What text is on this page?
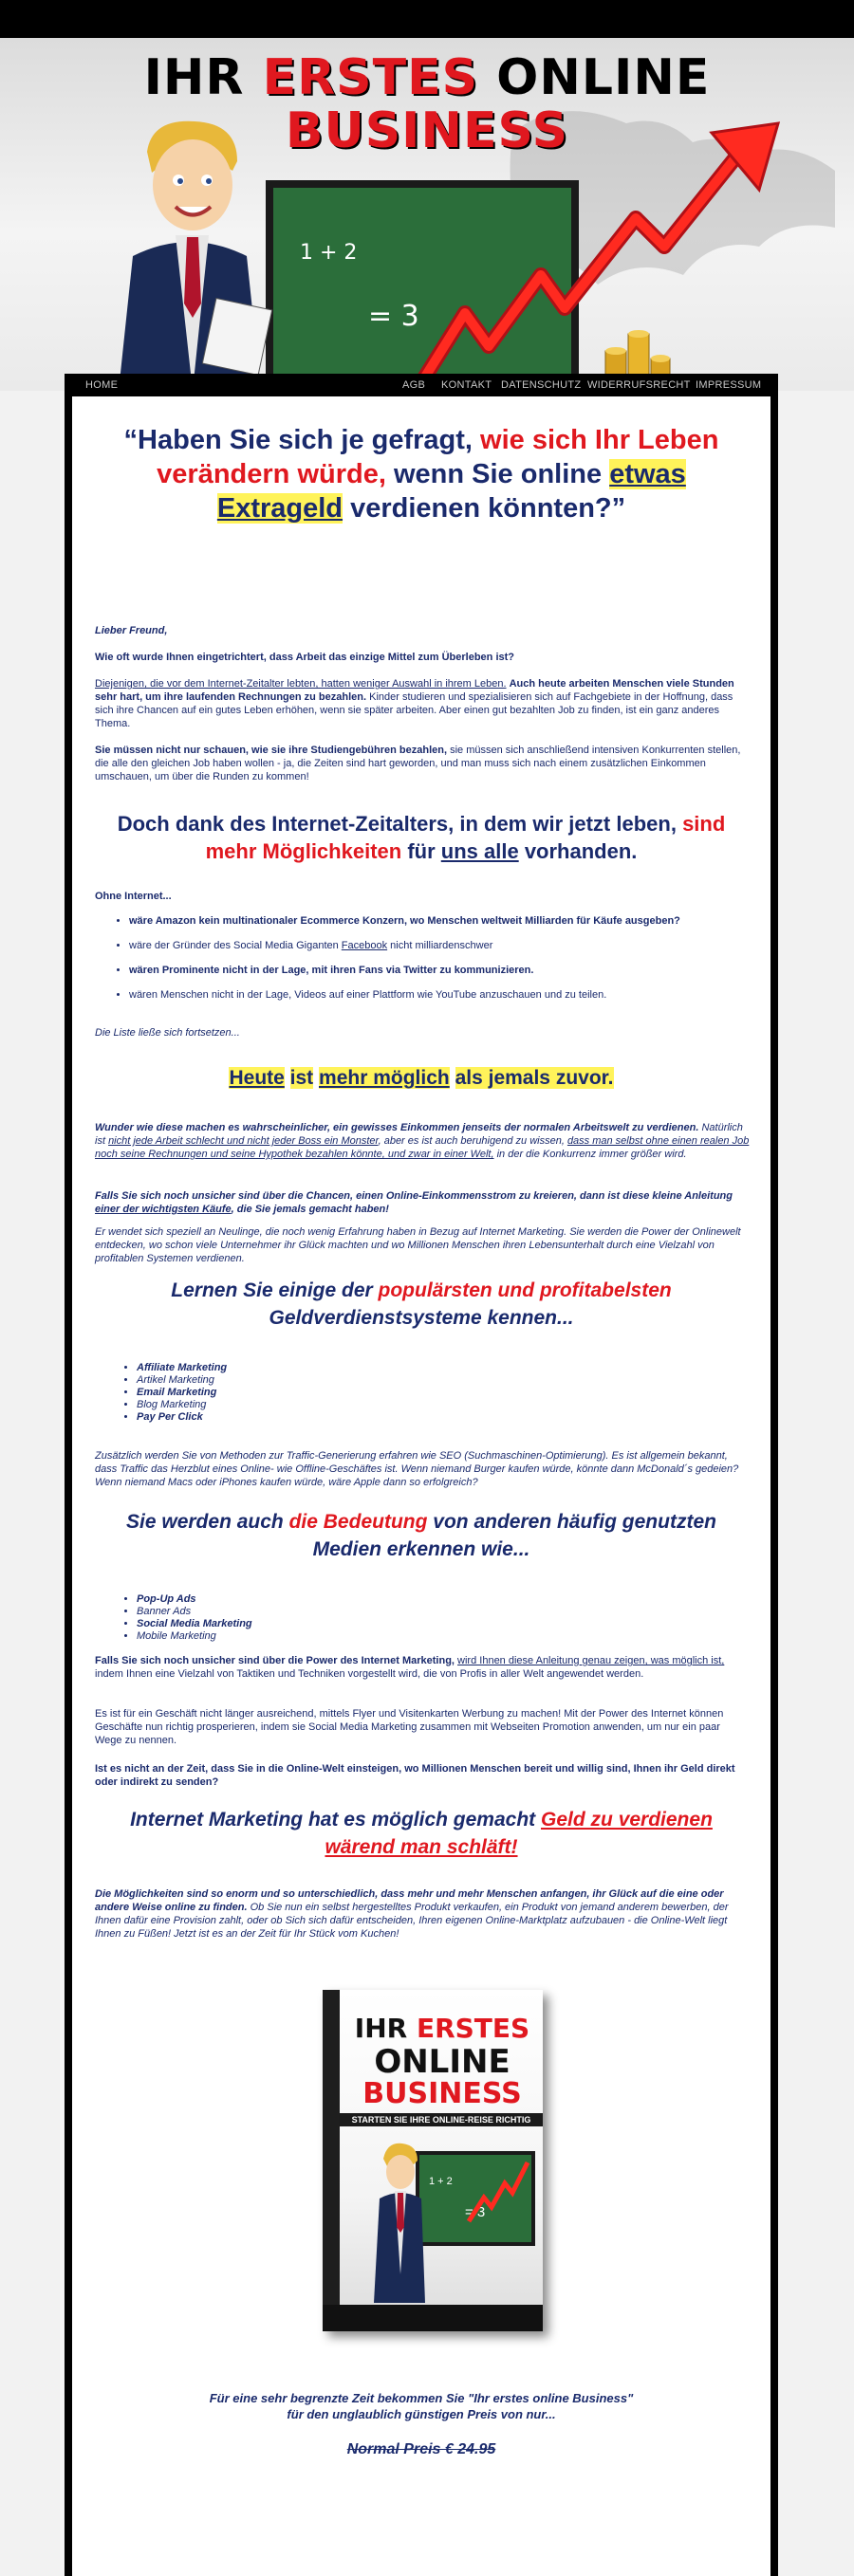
IHR ERSTES ONLINE
BUSINESS
1 + 2
= 3
HOME	AGB KONTAKT DATENSCHUTZ WIDERRUFSRECHT IMPRESSUM
“Haben Sie sich je gefragt, wie sich Ihr Leben verändern würde, wenn Sie online etwas Extrageld verdienen könnten?”
Lieber Freund,
Wie oft wurde Ihnen eingetrichtert, dass Arbeit das einzige Mittel zum Überleben ist?
Diejenigen, die vor dem Internet-Zeitalter lebten, hatten weniger Auswahl in ihrem Leben. Auch heute arbeiten Menschen viele Stunden sehr hart, um ihre laufenden Rechnungen zu bezahlen. Kinder studieren und spezialisieren sich auf Fachgebiete in der Hoffnung, dass sich ihre Chancen auf ein gutes Leben erhöhen, wenn sie später arbeiten. Aber einen gut bezahlten Job zu finden, ist ein ganz anderes Thema.
Sie müssen nicht nur schauen, wie sie ihre Studiengebühren bezahlen, sie müssen sich anschließend intensiven Konkurrenten stellen, die alle den gleichen Job haben wollen - ja, die Zeiten sind hart geworden, und man muss sich nach einem zusätzlichen Einkommen umschauen, um über die Runden zu kommen!
Doch dank des Internet-Zeitalters, in dem wir jetzt leben, sind mehr Möglichkeiten für uns alle vorhanden.
Ohne Internet...
• wäre Amazon kein multinationaler Ecommerce Konzern, wo Menschen weltweit Milliarden für Käufe ausgeben?
• wäre der Gründer des Social Media Giganten Facebook nicht milliardenschwer
• wären Prominente nicht in der Lage, mit ihren Fans via Twitter zu kommunizieren.
• wären Menschen nicht in der Lage, Videos auf einer Plattform wie YouTube anzuschauen und zu teilen.
Die Liste ließe sich fortsetzen...
Heute ist mehr möglich als jemals zuvor.
Wunder wie diese machen es wahrscheinlicher, ein gewisses Einkommen jenseits der normalen Arbeitswelt zu verdienen. Natürlich ist nicht jede Arbeit schlecht und nicht jeder Boss ein Monster, aber es ist auch beruhigend zu wissen, dass man selbst ohne einen realen Job noch seine Rechnungen und seine Hypothek bezahlen könnte, und zwar in einer Welt, in der die Konkurrenz immer größer wird.
Falls Sie sich noch unsicher sind über die Chancen, einen Online-Einkommensstrom zu kreieren, dann ist diese kleine Anleitung einer der wichtigsten Käufe, die Sie jemals gemacht haben!
Er wendet sich speziell an Neulinge, die noch wenig Erfahrung haben in Bezug auf Internet Marketing. Sie werden die Power der Onlinewelt entdecken, wo schon viele Unternehmer ihr Glück machten und wo Millionen Menschen ihren Lebensunterhalt durch eine Vielzahl von profitablen Systemen verdienen.
Lernen Sie einige der populärsten und profitabelsten Geldverdienstsysteme kennen...
• Affiliate Marketing
• Artikel Marketing
• Email Marketing
• Blog Marketing
• Pay Per Click
Zusätzlich werden Sie von Methoden zur Traffic-Generierung erfahren wie SEO (Suchmaschinen-Optimierung). Es ist allgemein bekannt, dass Traffic das Herzblut eines Online- wie Offline-Geschäftes ist. Wenn niemand Burger kaufen würde, könnte dann McDonald´s gedeien? Wenn niemand Macs oder iPhones kaufen würde, wäre Apple dann so erfolgreich?
Sie werden auch die Bedeutung von anderen häufig genutzten Medien erkennen wie...
• Pop-Up Ads
• Banner Ads
• Social Media Marketing
• Mobile Marketing
Falls Sie sich noch unsicher sind über die Power des Internet Marketing, wird Ihnen diese Anleitung genau zeigen, was möglich ist, indem Ihnen eine Vielzahl von Taktiken und Techniken vorgestellt wird, die von Profis in aller Welt angewendet werden.
Es ist für ein Geschäft nicht länger ausreichend, mittels Flyer und Visitenkarten Werbung zu machen! Mit der Power des Internet können Geschäfte nun richtig prosperieren, indem sie Social Media Marketing zusammen mit Webseiten Promotion anwenden, um nur ein paar Wege zu nennen.
Ist es nicht an der Zeit, dass Sie in die Online-Welt einsteigen, wo Millionen Menschen bereit und willig sind, Ihnen ihr Geld direkt oder indirekt zu senden?
Internet Marketing hat es möglich gemacht Geld zu verdienen wärend man schläft!
Die Möglichkeiten sind so enorm und so unterschiedlich, dass mehr und mehr Menschen anfangen, ihr Glück auf die eine oder andere Weise online zu finden. Ob Sie nun ein selbst hergestelltes Produkt verkaufen, ein Produkt von jemand anderem bewerben, der Ihnen dafür eine Provision zahlt, oder ob Sich sich dafür entscheiden, Ihren eigenen Online-Marktplatz aufzubauen - die Online-Welt liegt Ihnen zu Füßen! Jetzt ist es an der Zeit für Ihr Stück vom Kuchen!
IHR ERSTES
ONLINE
BUSINESS
STARTEN SIE IHRE ONLINE-REISE RICHTIG
1 + 2
= 3
Für eine sehr begrenzte Zeit bekommen Sie "Ihr erstes online Business"
für den unglaublich günstigen Preis von nur...
Normal Preis € 24.95
